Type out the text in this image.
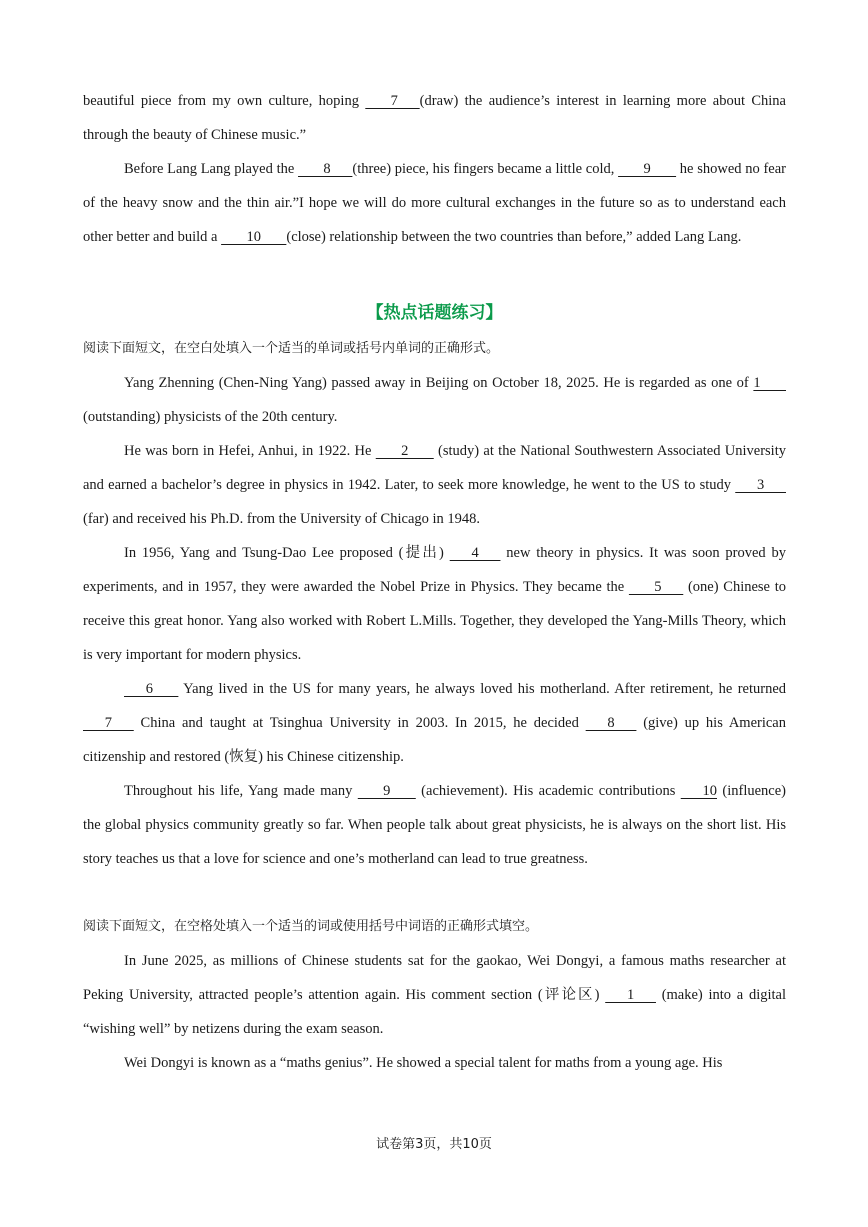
beautiful piece from my own culture, hoping        7      (draw) the audience’s interest in learning more about China through the beauty of Chinese music.”

Before Lang Lang played the        8      (three) piece, his fingers became a little cold,        9        he showed no fear of the heavy snow and the thin air.”I hope we will do more cultural exchanges in the future so as to understand each other better and build a        10       (close) relationship between the two countries than before,” added Lang Lang.

【热点话题练习】

阅读下面短文，在空白处填入一个适当的单词或括号内单词的正确形式。

Yang Zhenning (Chen-Ning Yang) passed away in Beijing on October 18, 2025. He is regarded as one of 1        (outstanding) physicists of the 20th century.

He was born in Hefei, Anhui, in 1922. He        2        (study) at the National Southwestern Associated University and earned a bachelor’s degree in physics in 1942. Later, to seek more knowledge, he went to the US to study       3       (far) and received his Ph.D. from the University of Chicago in 1948.

In 1956, Yang and Tsung-Dao Lee proposed (提出)       4       new theory in physics. It was soon proved by experiments, and in 1957, they were awarded the Nobel Prize in Physics. They became the        5       (one) Chinese to receive this great honor. Yang also worked with Robert L.Mills. Together, they developed the Yang-Mills Theory, which is very important for modern physics.

6        Yang lived in the US for many years, he always loved his motherland. After retirement, he returned       7       China and taught at Tsinghua University in 2003. In 2015, he decided       8       (give) up his American citizenship and restored (恢复) his Chinese citizenship.

Throughout his life, Yang made many        9        (achievement). His academic contributions       10 (influence) the global physics community greatly so far. When people talk about great physicists, he is always on the short list. His story teaches us that a love for science and one’s motherland can lead to true greatness.

阅读下面短文，在空格处填入一个适当的词或使用括号中词语的正确形式填空。

In June 2025, as millions of Chinese students sat for the gaokao, Wei Dongyi, a famous maths researcher at Peking University, attracted people’s attention again. His comment section (评论区)       1       (make) into a digital “wishing well” by netizens during the exam season.

Wei Dongyi is known as a “maths genius”. He showed a special talent for maths from a young age. His

试卷第3页，共10页
